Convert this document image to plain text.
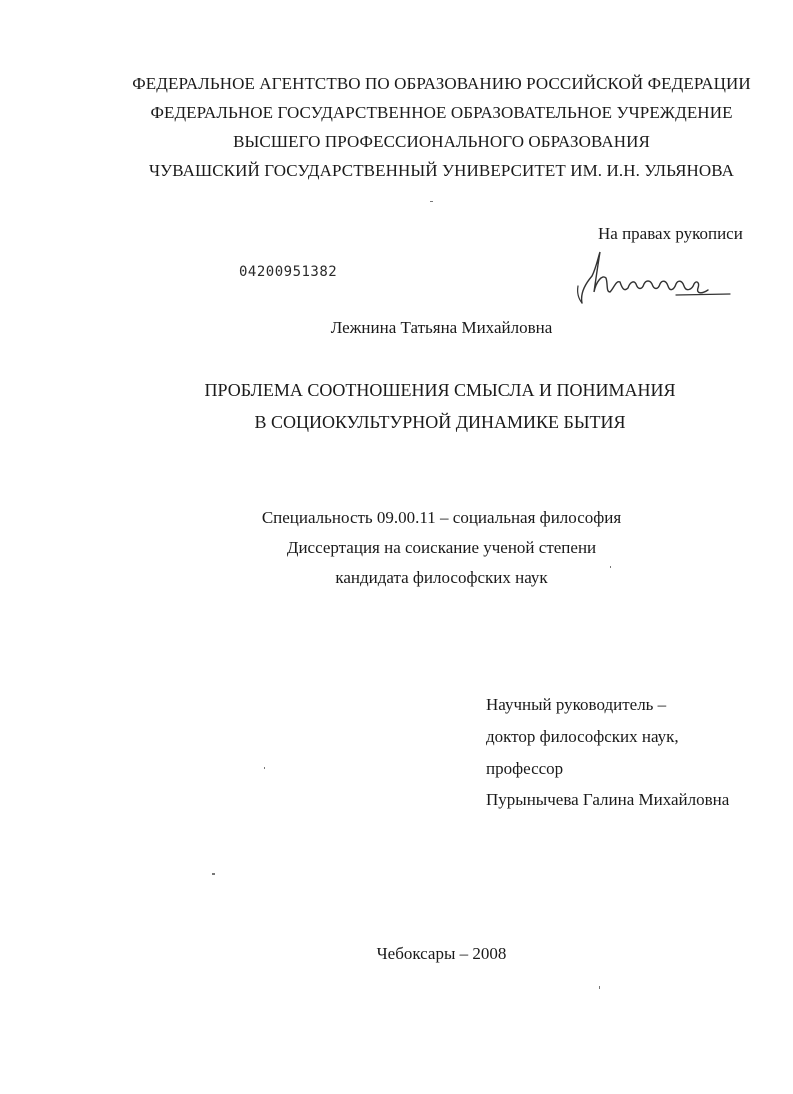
ФЕДЕРАЛЬНОЕ АГЕНТСТВО ПО ОБРАЗОВАНИЮ РОССИЙСКОЙ ФЕДЕРАЦИИ
ФЕДЕРАЛЬНОЕ ГОСУДАРСТВЕННОЕ ОБРАЗОВАТЕЛЬНОЕ УЧРЕЖДЕНИЕ
ВЫСШЕГО ПРОФЕССИОНАЛЬНОГО ОБРАЗОВАНИЯ
ЧУВАШСКИЙ ГОСУДАРСТВЕННЫЙ УНИВЕРСИТЕТ ИМ. И.Н. УЛЬЯНОВА
На правах рукописи
04200951382
Лежнина Татьяна Михайловна
ПРОБЛЕМА СООТНОШЕНИЯ СМЫСЛА И ПОНИМАНИЯ
В СОЦИОКУЛЬТУРНОЙ ДИНАМИКЕ БЫТИЯ
Специальность 09.00.11 – социальная философия
Диссертация на соискание ученой степени
кандидата философских наук
Научный руководитель –
доктор философских наук,
профессор
Пурынычева Галина Михайловна
Чебоксары – 2008
